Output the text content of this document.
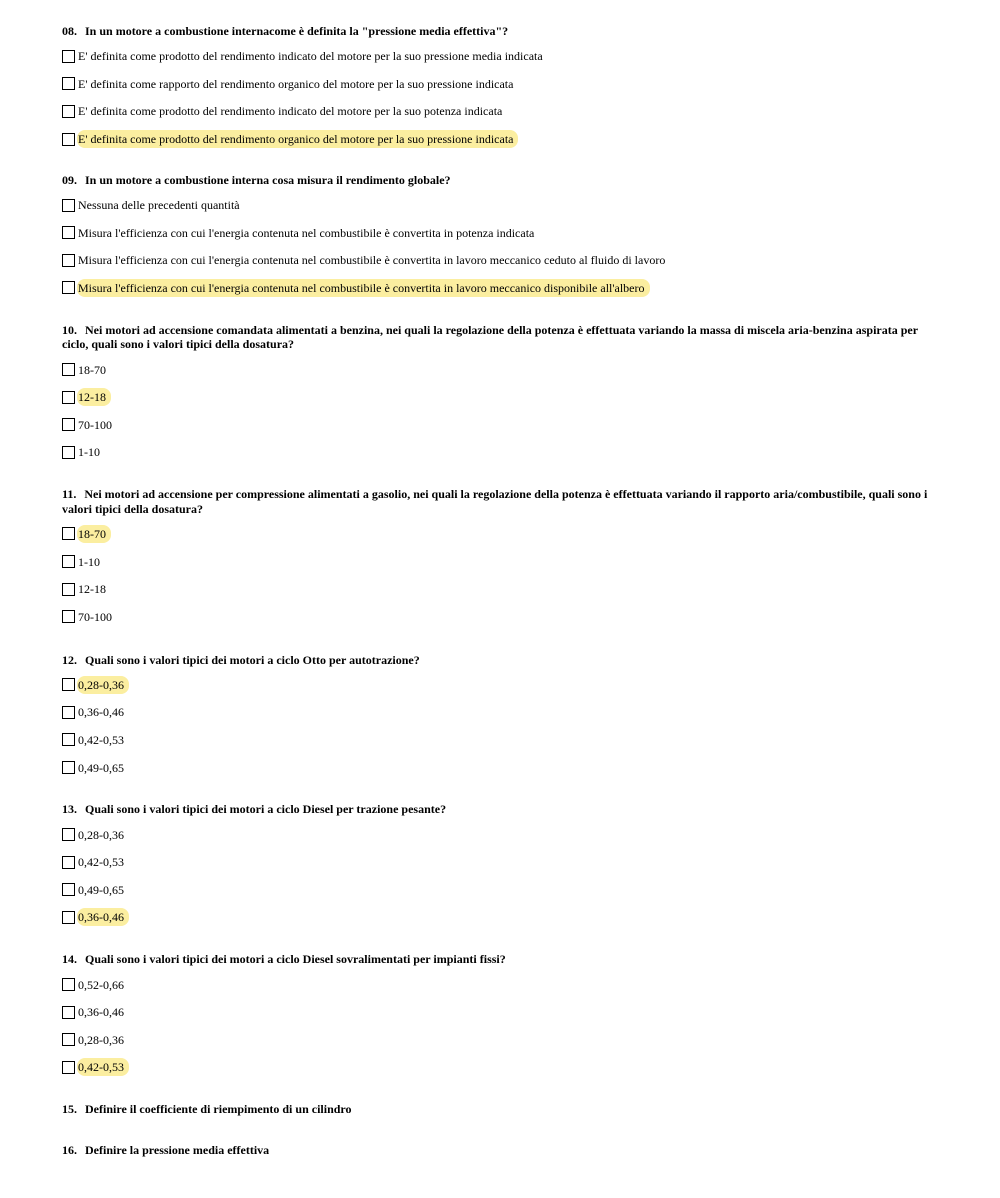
08. In un motore a combustione internacome è definita la "pressione media effettiva"?

E' definita come prodotto del rendimento indicato del motore per la suo pressione media indicata
E' definita come rapporto del rendimento organico del motore per la suo pressione indicata
E' definita come prodotto del rendimento indicato del motore per la suo potenza indicata
E' definita come prodotto del rendimento organico del motore per la suo pressione indicata

09. In un motore a combustione interna cosa misura il rendimento globale?

Nessuna delle precedenti quantità
Misura l'efficienza con cui l'energia contenuta nel combustibile è convertita in potenza indicata
Misura l'efficienza con cui l'energia contenuta nel combustibile è convertita in lavoro meccanico ceduto al fluido di lavoro
Misura l'efficienza con cui l'energia contenuta nel combustibile è convertita in lavoro meccanico disponibile all'albero

10. Nei motori ad accensione comandata alimentati a benzina, nei quali la regolazione della potenza è effettuata variando la massa di miscela aria-benzina aspirata per ciclo, quali sono i valori tipici della dosatura?

18-70
12-18
70-100
1-10

11. Nei motori ad accensione per compressione alimentati a gasolio, nei quali la regolazione della potenza è effettuata variando il rapporto aria/combustibile, quali sono i valori tipici della dosatura?

18-70
1-10
12-18
70-100

12. Quali sono i valori tipici dei motori a ciclo Otto per autotrazione?

0,28-0,36
0,36-0,46
0,42-0,53
0,49-0,65

13. Quali sono i valori tipici dei motori a ciclo Diesel per trazione pesante?

0,28-0,36
0,42-0,53
0,49-0,65
0,36-0,46

14. Quali sono i valori tipici dei motori a ciclo Diesel sovralimentati per impianti fissi?

0,52-0,66
0,36-0,46
0,28-0,36
0,42-0,53

15. Definire il coefficiente di riempimento di un cilindro

16. Definire la pressione media effettiva
